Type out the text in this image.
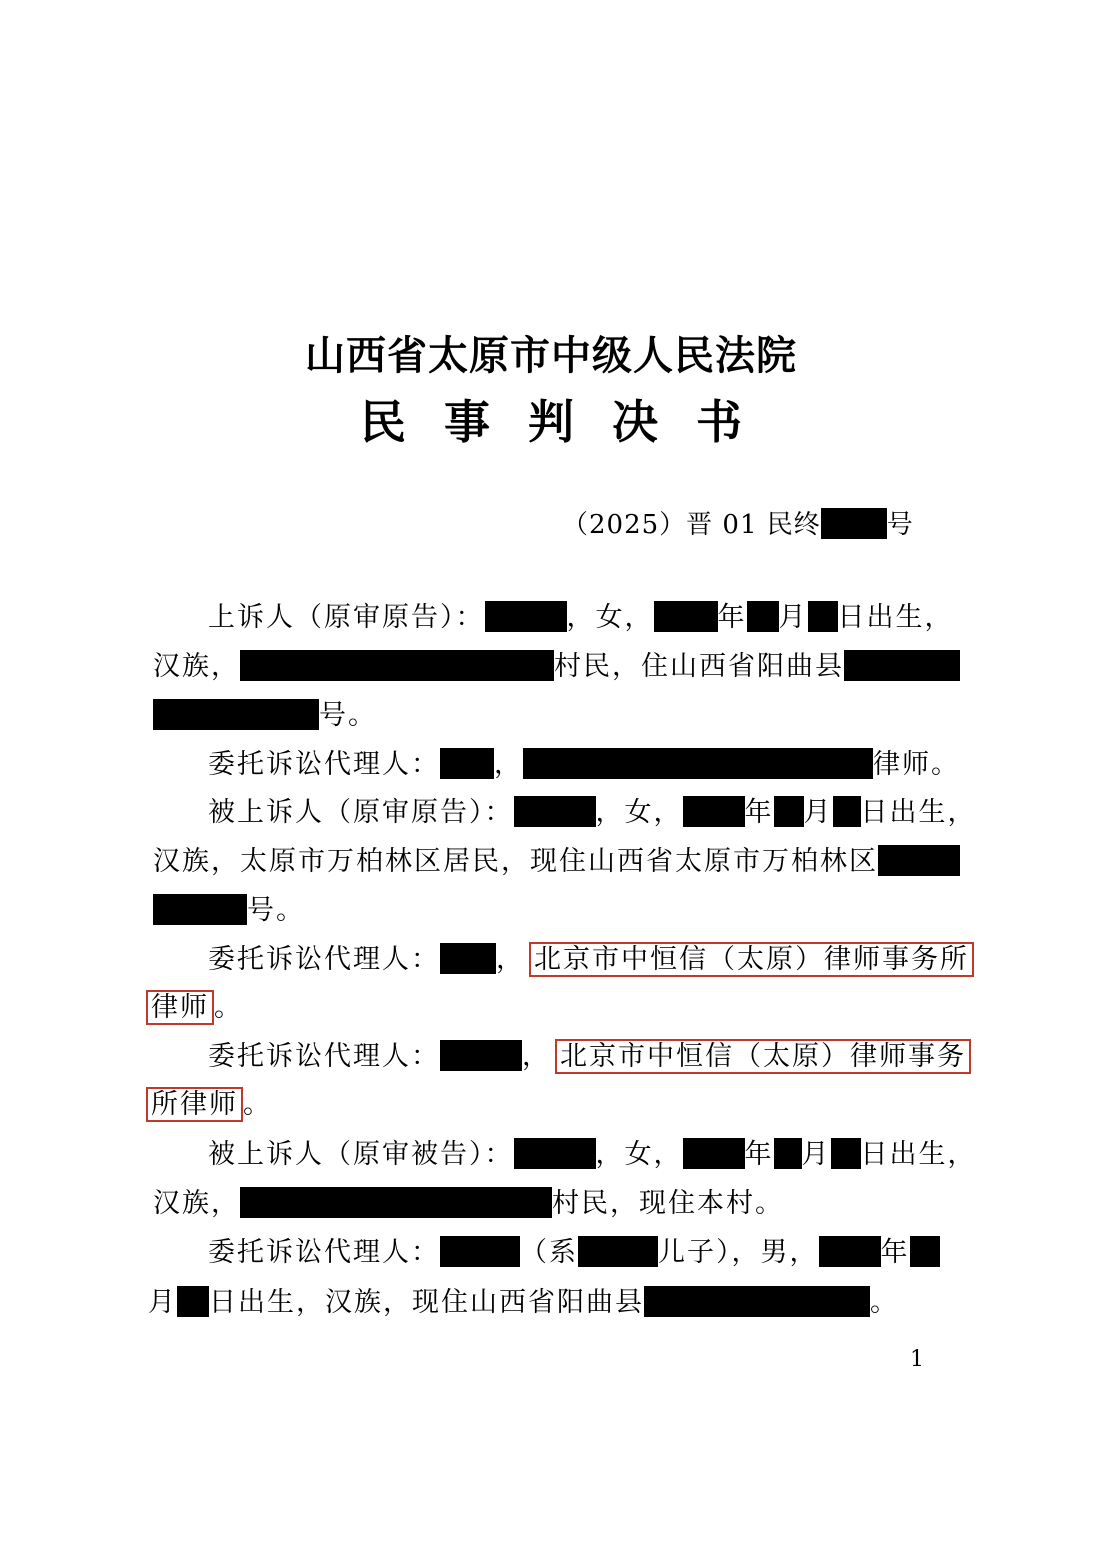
山西省太原市中级人民法院
民事判决书
（2025）晋 01 民终	号
上诉人（原审原告）：	，女， 年 月 日出生，
汉族，	村民，住山西省阳曲县
号。
委托诉讼代理人： ，	律师。
被上诉人（原审原告）：	，女， 年 月 日出生，
汉族，太原市万柏林区居民，现住山西省太原市万柏林区
号。
委托诉讼代理人： ， 北京市中恒信（太原）律师事务所
律师 。
委托诉讼代理人：	， 北京市中恒信（太原）律师事务
所律师 。
被上诉人（原审被告）：	，女， 年 月 日出生，
汉族，	村民，现住本村。
委托诉讼代理人：	（系	儿子），男， 年
月 日出生，汉族，现住山西省阳曲县	。
1
